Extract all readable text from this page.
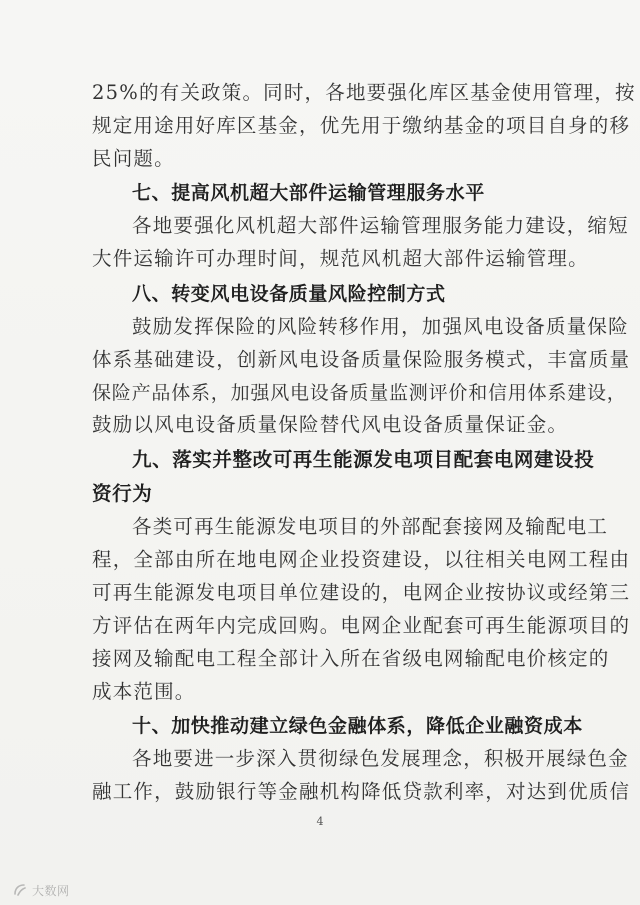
25%的有关政策。同时，各地要强化库区基金使用管理，按
规定用途用好库区基金，优先用于缴纳基金的项目自身的移
民问题。
七、提高风机超大部件运输管理服务水平
各地要强化风机超大部件运输管理服务能力建设，缩短
大件运输许可办理时间，规范风机超大部件运输管理。
八、转变风电设备质量风险控制方式
鼓励发挥保险的风险转移作用，加强风电设备质量保险
体系基础建设，创新风电设备质量保险服务模式，丰富质量
保险产品体系，加强风电设备质量监测评价和信用体系建设，
鼓励以风电设备质量保险替代风电设备质量保证金。
九、落实并整改可再生能源发电项目配套电网建设投
资行为
各类可再生能源发电项目的外部配套接网及输配电工
程，全部由所在地电网企业投资建设，以往相关电网工程由
可再生能源发电项目单位建设的，电网企业按协议或经第三
方评估在两年内完成回购。电网企业配套可再生能源项目的
接网及输配电工程全部计入所在省级电网输配电价核定的
成本范围。
十、加快推动建立绿色金融体系，降低企业融资成本
各地要进一步深入贯彻绿色发展理念，积极开展绿色金
融工作，鼓励银行等金融机构降低贷款利率，对达到优质信
4
大数网
